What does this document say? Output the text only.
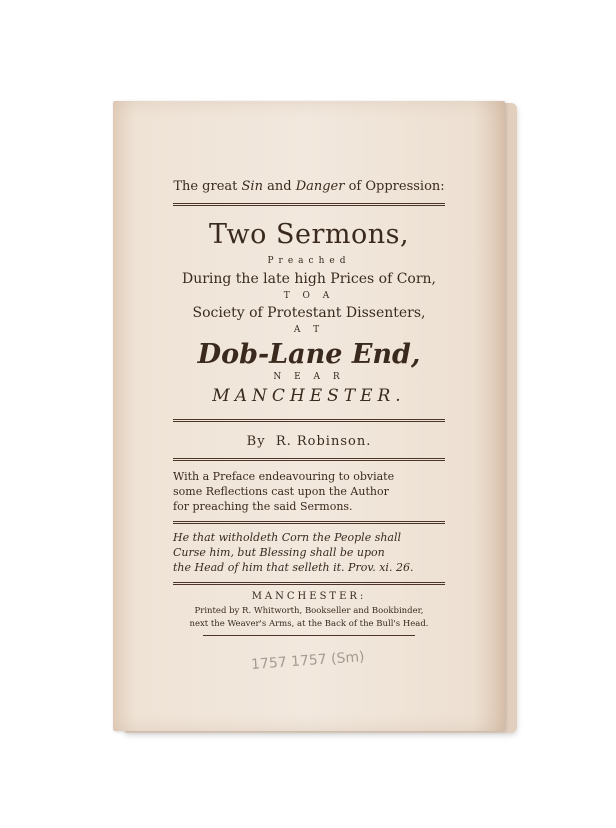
The great Sin and Danger of Oppression:
Two Sermons,
Preached
During the late high Prices of Corn,
T O A
Society of Protestant Dissenters,
A T
Dob-Lane End,
N E A R
MANCHESTER.
By R. Robinson.
With a Preface endeavouring to obviate
some Reflections cast upon the Author
for preaching the said Sermons.
He that witholdeth Corn the People shall
Curse him, but Blessing shall be upon
the Head of him that selleth it. Prov. xi. 26.
MANCHESTER:
Printed by R. Whitworth, Bookseller and Bookbinder,
next the Weaver's Arms, at the Back of the Bull's Head.
1757 1757 (Sm)
